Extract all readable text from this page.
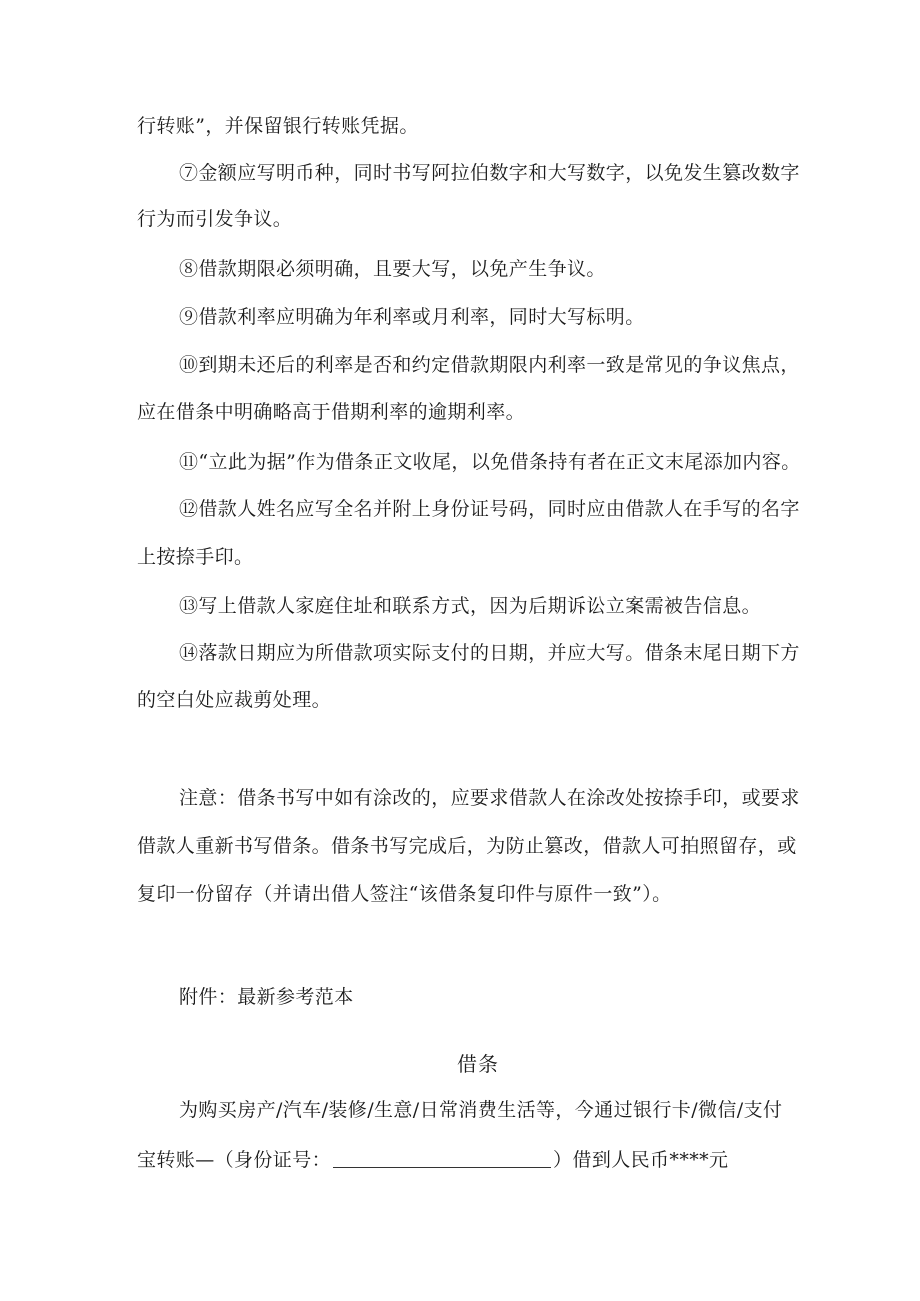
行转账”，并保留银行转账凭据。
⑦金额应写明币种，同时书写阿拉伯数字和大写数字，以免发生篡改数字
行为而引发争议。
⑧借款期限必须明确，且要大写，以免产生争议。
⑨借款利率应明确为年利率或月利率，同时大写标明。
⑩到期未还后的利率是否和约定借款期限内利率一致是常见的争议焦点，
应在借条中明确略高于借期利率的逾期利率。
⑪“立此为据”作为借条正文收尾，以免借条持有者在正文末尾添加内容。
⑫借款人姓名应写全名并附上身份证号码，同时应由借款人在手写的名字
上按捺手印。
⑬写上借款人家庭住址和联系方式，因为后期诉讼立案需被告信息。
⑭落款日期应为所借款项实际支付的日期，并应大写。借条末尾日期下方
的空白处应裁剪处理。
注意：借条书写中如有涂改的，应要求借款人在涂改处按捺手印，或要求
借款人重新书写借条。借条书写完成后，为防止篡改，借款人可拍照留存，或
复印一份留存（并请出借人签注“该借条复印件与原件一致”）。
附件：最新参考范本
借条
为购买房产/汽车/装修/生意/日常消费生活等，今通过银行卡/微信/支付
宝转账—（身份证号：	）借到人民币****元
